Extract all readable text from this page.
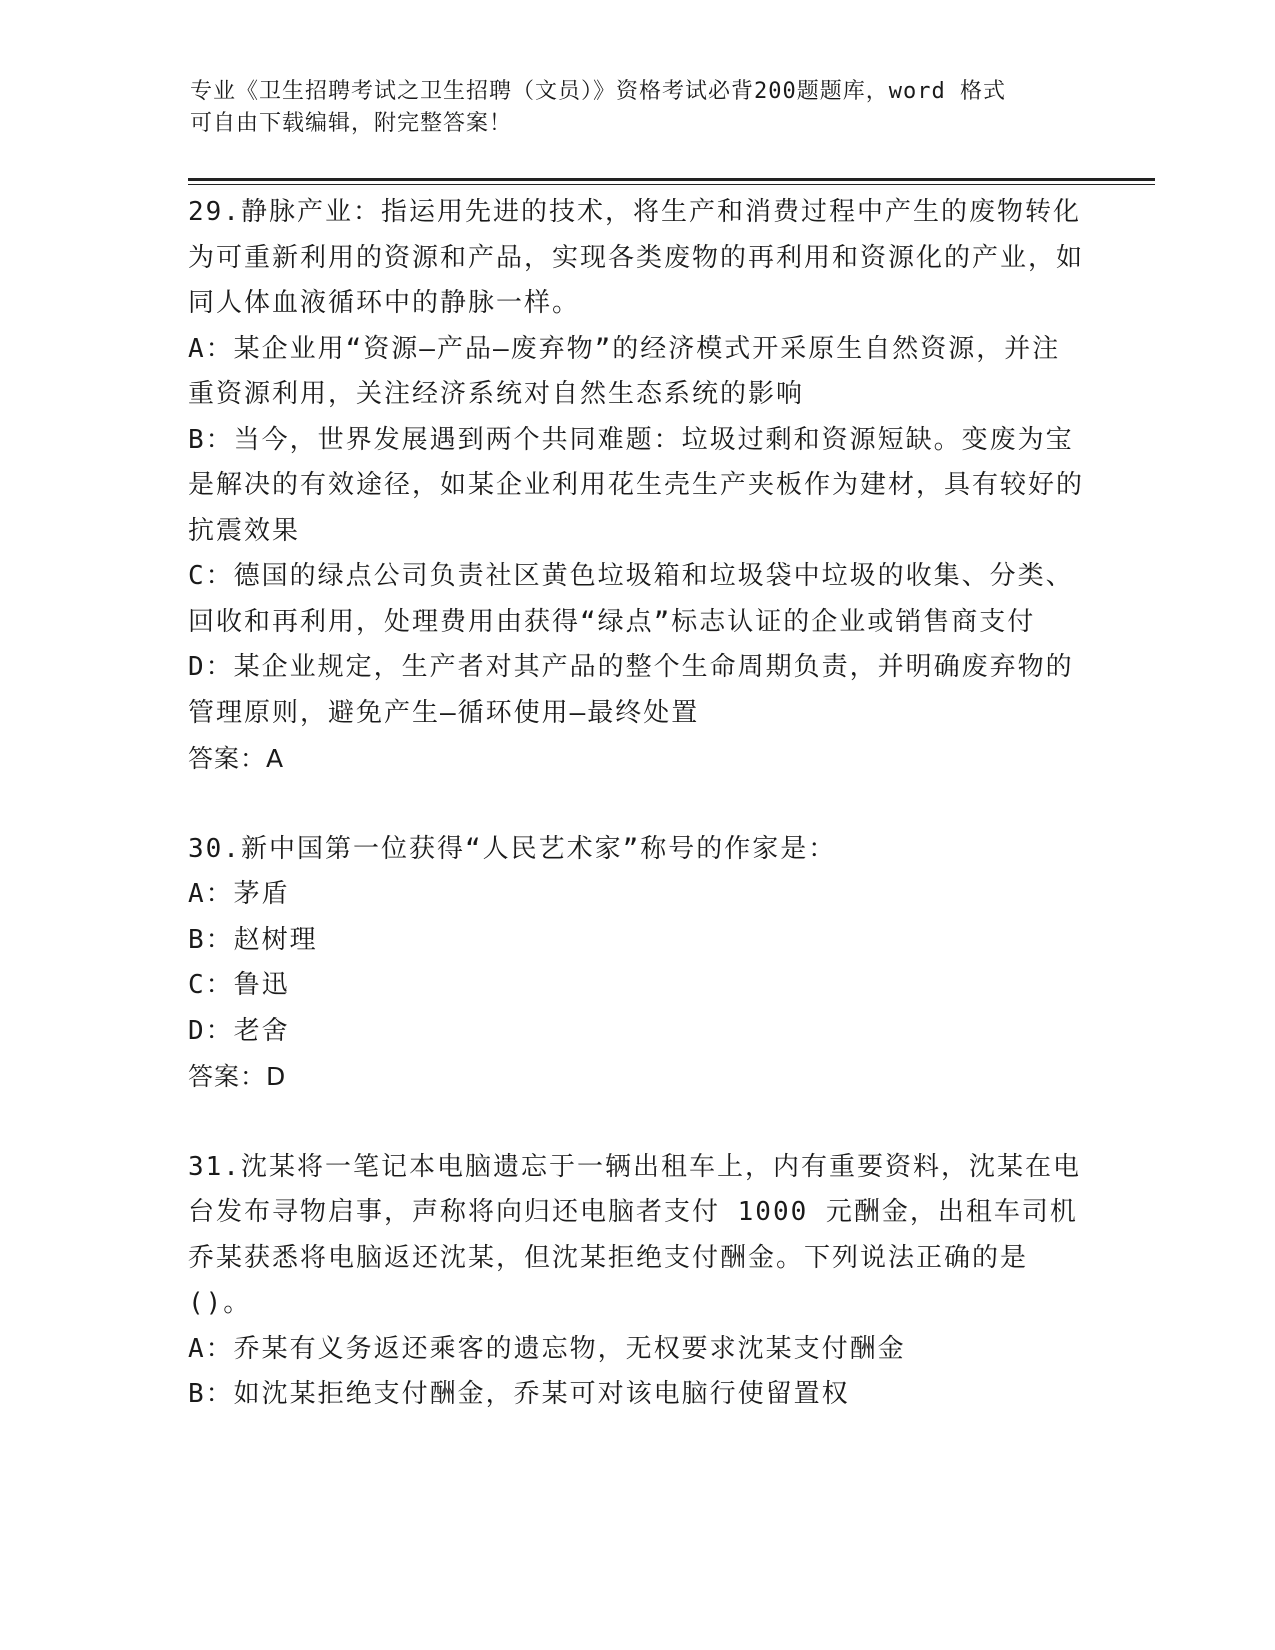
专业《卫生招聘考试之卫生招聘（文员）》资格考试必背200题题库，word 格式
可自由下载编辑，附完整答案！

29.静脉产业：指运用先进的技术，将生产和消费过程中产生的废物转化为可重新利用的资源和产品，实现各类废物的再利用和资源化的产业，如同人体血液循环中的静脉一样。

A：某企业用“资源—产品—废弃物”的经济模式开采原生自然资源，并注重资源利用，关注经济系统对自然生态系统的影响

B：当今，世界发展遇到两个共同难题：垃圾过剩和资源短缺。变废为宝是解决的有效途径，如某企业利用花生壳生产夹板作为建材，具有较好的抗震效果

C：德国的绿点公司负责社区黄色垃圾箱和垃圾袋中垃圾的收集、分类、回收和再利用，处理费用由获得“绿点”标志认证的企业或销售商支付

D：某企业规定，生产者对其产品的整个生命周期负责，并明确废弃物的管理原则，避免产生—循环使用—最终处置

答案：A

30.新中国第一位获得“人民艺术家”称号的作家是：

A：茅盾

B：赵树理

C：鲁迅

D：老舍

答案：D

31.沈某将一笔记本电脑遗忘于一辆出租车上，内有重要资料，沈某在电台发布寻物启事，声称将向归还电脑者支付 1000 元酬金，出租车司机乔某获悉将电脑返还沈某，但沈某拒绝支付酬金。下列说法正确的是()。

A：乔某有义务返还乘客的遗忘物，无权要求沈某支付酬金

B：如沈某拒绝支付酬金，乔某可对该电脑行使留置权
